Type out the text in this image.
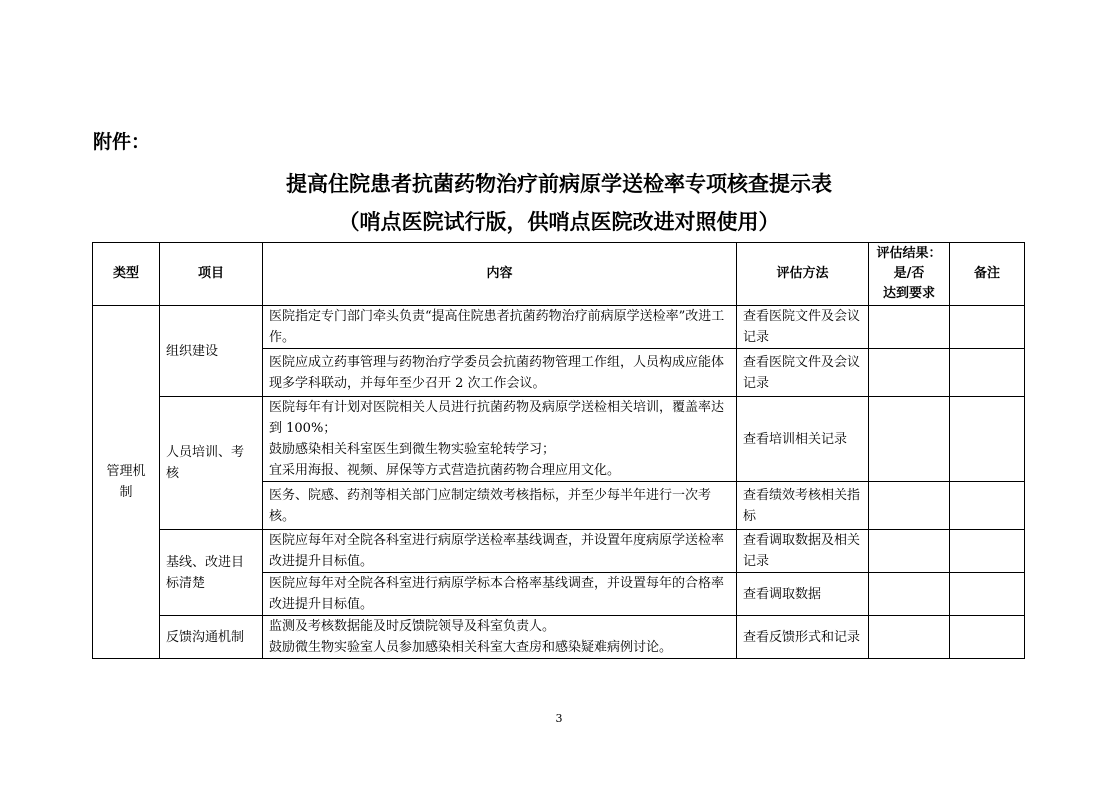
附件：
提高住院患者抗菌药物治疗前病原学送检率专项核查提示表
（哨点医院试行版，供哨点医院改进对照使用）
类型	项目	内容	评估方法	评估结果：
是/否
达到要求	备注
管理机制	组织建设	医院指定专门部门牵头负责“提高住院患者抗菌药物治疗前病原学送检率”改进工作。	查看医院文件及会议记录		
		医院应成立药事管理与药物治疗学委员会抗菌药物管理工作组，人员构成应能体现多学科联动，并每年至少召开 2 次工作会议。	查看医院文件及会议记录		
	人员培训、考核	医院每年有计划对医院相关人员进行抗菌药物及病原学送检相关培训，覆盖率达到 100%；
鼓励感染相关科室医生到微生物实验室轮转学习；
宜采用海报、视频、屏保等方式营造抗菌药物合理应用文化。	查看培训相关记录		
		医务、院感、药剂等相关部门应制定绩效考核指标，并至少每半年进行一次考核。	查看绩效考核相关指标		
	基线、改进目标清楚	医院应每年对全院各科室进行病原学送检率基线调查，并设置年度病原学送检率改进提升目标值。	查看调取数据及相关记录		
		医院应每年对全院各科室进行病原学标本合格率基线调查，并设置每年的合格率改进提升目标值。	查看调取数据		
	反馈沟通机制	监测及考核数据能及时反馈院领导及科室负责人。
鼓励微生物实验室人员参加感染相关科室大查房和感染疑难病例讨论。	查看反馈形式和记录		
3
